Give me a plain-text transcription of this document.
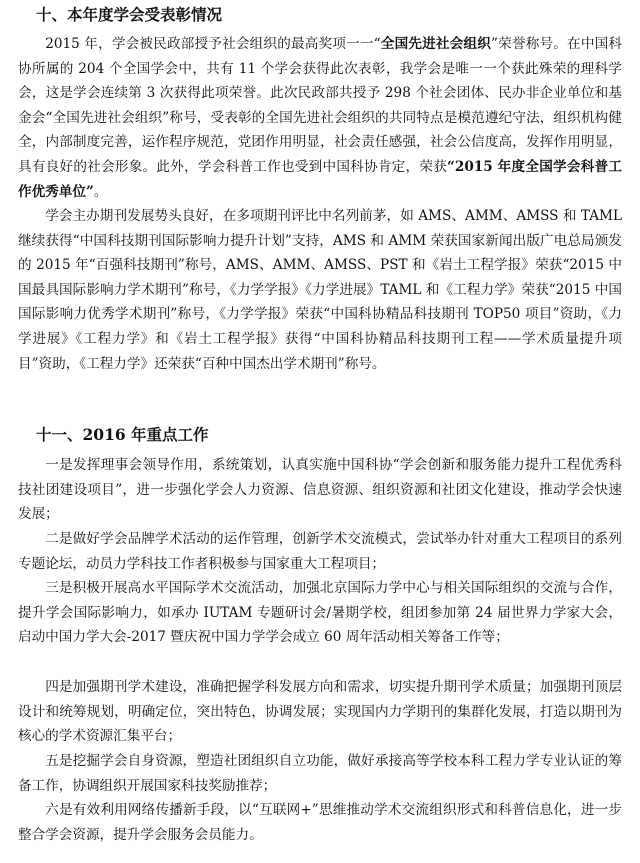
十、本年度学会受表彰情况

2015 年，学会被民政部授予社会组织的最高奖项一一“全国先进社会组织”荣誉称号。在中国科协所属的 204 个全国学会中，共有 11 个学会获得此次表彰，我学会是唯一一个获此殊荣的理科学会，这是学会连续第 3 次获得此项荣誉。此次民政部共授予 298 个社会团体、民办非企业单位和基金会“全国先进社会组织”称号，受表彰的全国先进社会组织的共同特点是模范遵纪守法，组织机构健全，内部制度完善，运作程序规范，党团作用明显，社会责任感强，社会公信度高，发挥作用明显，具有良好的社会形象。此外，学会科普工作也受到中国科协肯定，荣获“2015 年度全国学会科普工作优秀单位”。

学会主办期刊发展势头良好，在多项期刊评比中名列前茅，如 AMS、AMM、AMSS 和 TAML 继续获得“中国科技期刊国际影响力提升计划”支持，AMS 和 AMM 荣获国家新闻出版广电总局颁发的 2015 年“百强科技期刊”称号，AMS、AMM、AMSS、PST 和《岩土工程学报》荣获“2015 中国最具国际影响力学术期刊”称号，《力学学报》《力学进展》TAML 和《工程力学》荣获“2015 中国国际影响力优秀学术期刊”称号，《力学学报》荣获“中国科协精品科技期刊 TOP50 项目”资助，《力学进展》《工程力学》和《岩土工程学报》获得“中国科协精品科技期刊工程——学术质量提升项目”资助，《工程力学》还荣获“百种中国杰出学术期刊”称号。

十一、2016 年重点工作

一是发挥理事会领导作用，系统策划，认真实施中国科协“学会创新和服务能力提升工程优秀科技社团建设项目”，进一步强化学会人力资源、信息资源、组织资源和社团文化建设，推动学会快速发展；

二是做好学会品牌学术活动的运作管理，创新学术交流模式，尝试举办针对重大工程项目的系列专题论坛，动员力学科技工作者积极参与国家重大工程项目；

三是积极开展高水平国际学术交流活动，加强北京国际力学中心与相关国际组织的交流与合作，提升学会国际影响力，如承办 IUTAM 专题研讨会/暑期学校，组团参加第 24 届世界力学家大会，启动中国力学大会-2017 暨庆祝中国力学学会成立 60 周年活动相关筹备工作等；

四是加强期刊学术建设，准确把握学科发展方向和需求，切实提升期刊学术质量；加强期刊顶层设计和统筹规划，明确定位，突出特色，协调发展；实现国内力学期刊的集群化发展，打造以期刊为核心的学术资源汇集平台；

五是挖掘学会自身资源，塑造社团组织自立功能，做好承接高等学校本科工程力学专业认证的筹备工作，协调组织开展国家科技奖励推荐；

六是有效利用网络传播新手段，以“互联网+”思维推动学术交流组织形式和科普信息化，进一步整合学会资源，提升学会服务会员能力。
